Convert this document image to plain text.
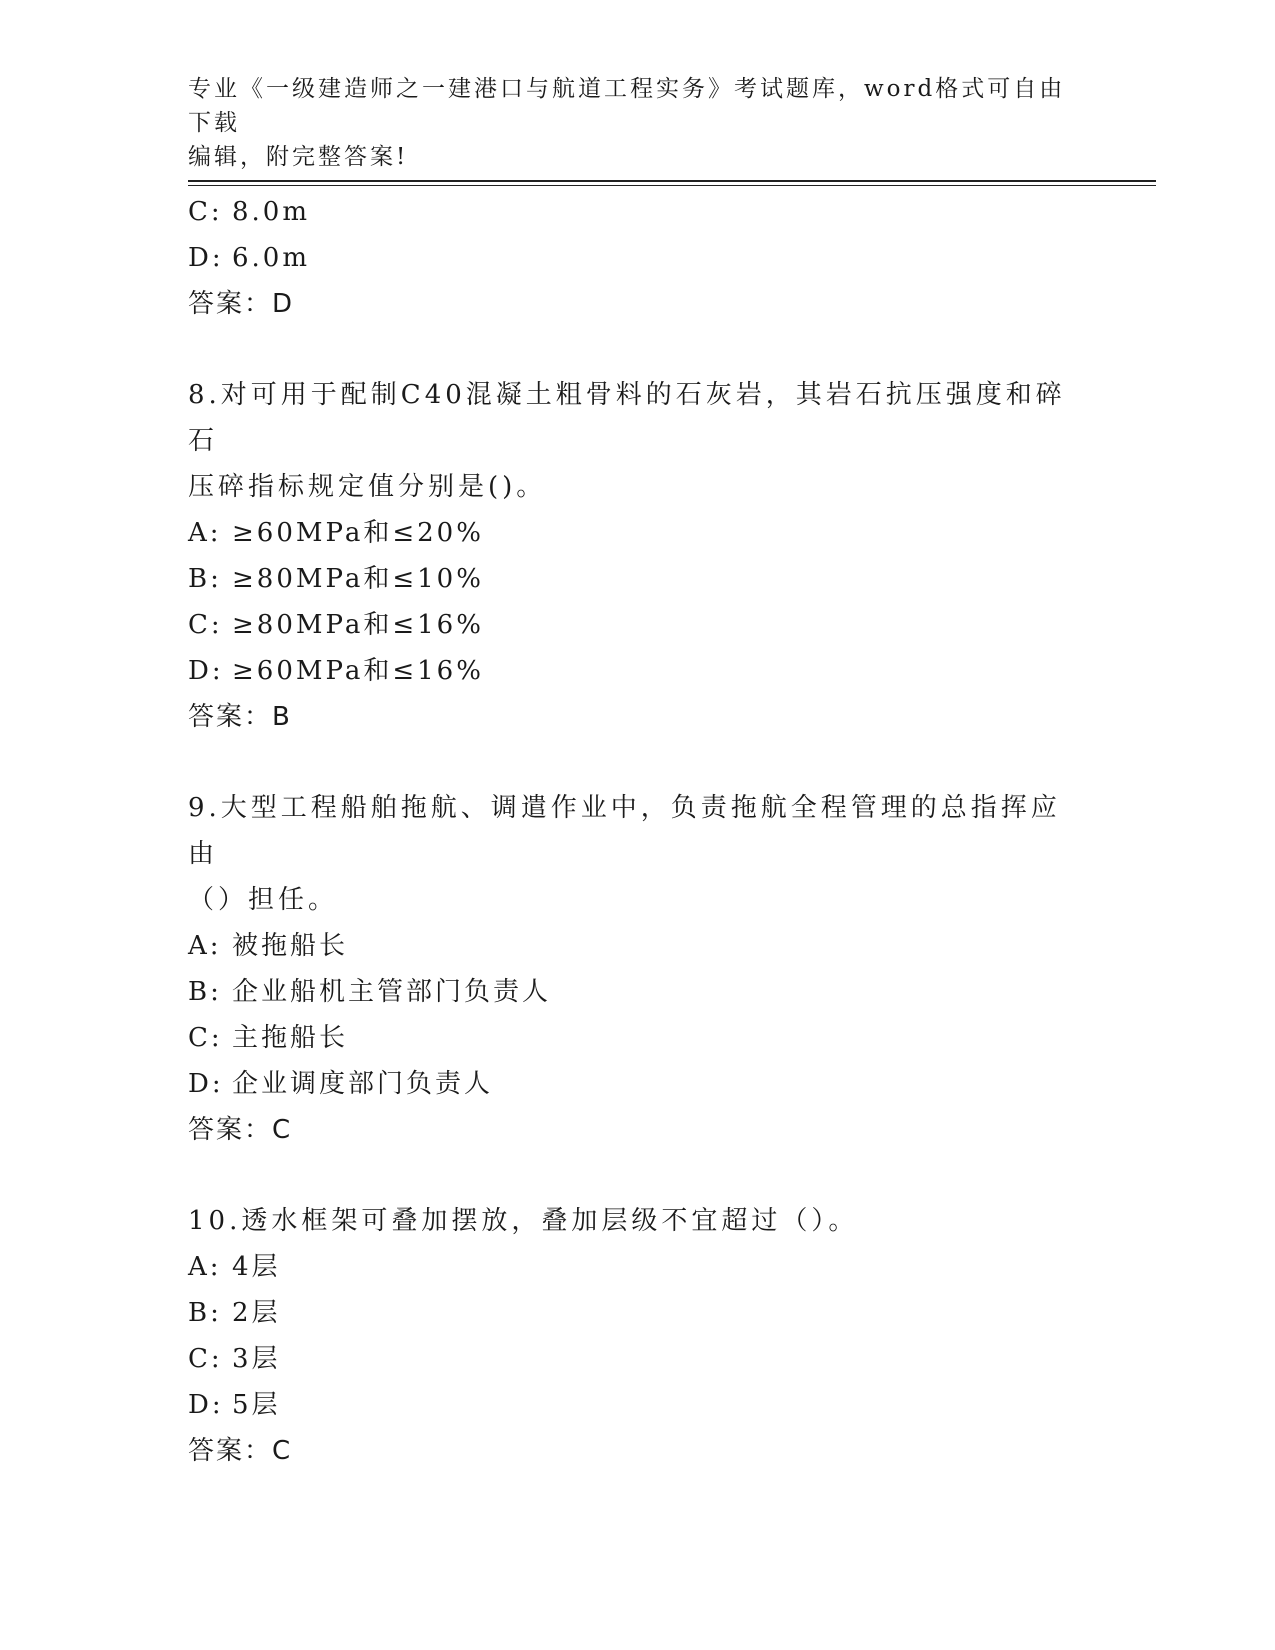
专业《一级建造师之一建港口与航道工程实务》考试题库，word格式可自由下载
编辑，附完整答案!
C: 8.0m
D: 6.0m
答案：D
8.对可用于配制C40混凝土粗骨料的石灰岩，其岩石抗压强度和碎石
压碎指标规定值分别是()。
A: ≥60MPa和≤20%
B: ≥80MPa和≤10%
C: ≥80MPa和≤16%
D: ≥60MPa和≤16%
答案：B
9.大型工程船舶拖航、调遣作业中，负责拖航全程管理的总指挥应由
（）担任。
A: 被拖船长
B: 企业船机主管部门负责人
C: 主拖船长
D: 企业调度部门负责人
答案：C
10.透水框架可叠加摆放，叠加层级不宜超过（）。
A: 4层
B: 2层
C: 3层
D: 5层
答案：C
